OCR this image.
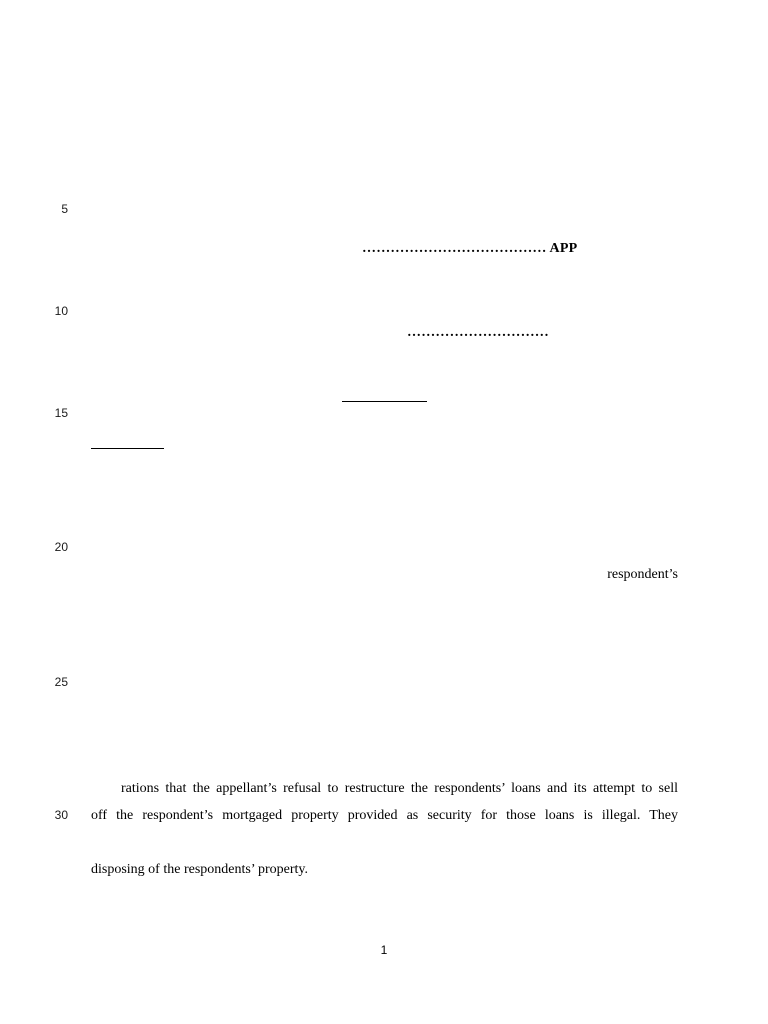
5
10
15
20
25
30
………………………………… APP
…………………………
respondent’s
rations that the appellant’s refusal to restructure the respondents’ loans and its attempt to sell
off the respondent’s mortgaged property provided as security for those loans is illegal. They
disposing of the respondents’ property.
1
